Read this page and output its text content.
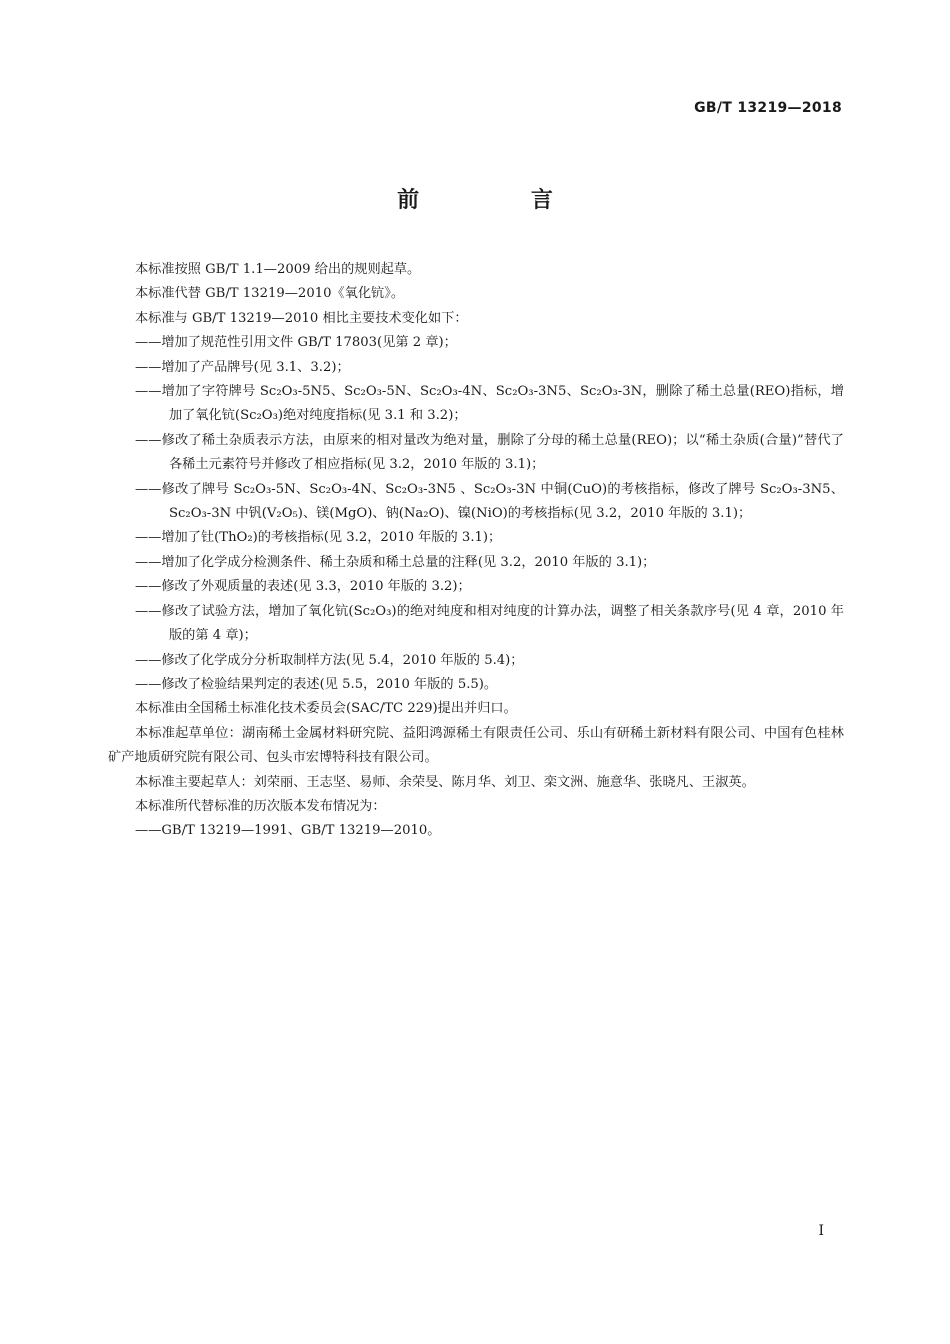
GB/T 13219—2018
前 言

本标准按照 GB/T 1.1—2009 给出的规则起草。

本标准代替 GB/T 13219—2010《氧化钪》。

本标准与 GB/T 13219—2010 相比主要技术变化如下：

——增加了规范性引用文件 GB/T 17803(见第 2 章)；

——增加了产品牌号(见 3.1、3.2)；

——增加了字符牌号 Sc₂O₃-5N5、Sc₂O₃-5N、Sc₂O₃-4N、Sc₂O₃-3N5、Sc₂O₃-3N，删除了稀土总量(REO)指标，增加了氧化钪(Sc₂O₃)绝对纯度指标(见 3.1 和 3.2)；

——修改了稀土杂质表示方法，由原来的相对量改为绝对量，删除了分母的稀土总量(REO)；以“稀土杂质(合量)”替代了各稀土元素符号并修改了相应指标(见 3.2，2010 年版的 3.1)；

——修改了牌号 Sc₂O₃-5N、Sc₂O₃-4N、Sc₂O₃-3N5 、Sc₂O₃-3N 中铜(CuO)的考核指标，修改了牌号 Sc₂O₃-3N5、Sc₂O₃-3N 中钒(V₂O₅)、镁(MgO)、钠(Na₂O)、镍(NiO)的考核指标(见 3.2，2010 年版的 3.1)；

——增加了钍(ThO₂)的考核指标(见 3.2，2010 年版的 3.1)；

——增加了化学成分检测条件、稀土杂质和稀土总量的注释(见 3.2，2010 年版的 3.1)；

——修改了外观质量的表述(见 3.3，2010 年版的 3.2)；

——修改了试验方法，增加了氧化钪(Sc₂O₃)的绝对纯度和相对纯度的计算办法，调整了相关条款序号(见 4 章，2010 年版的第 4 章)；

——修改了化学成分分析取制样方法(见 5.4，2010 年版的 5.4)；

——修改了检验结果判定的表述(见 5.5，2010 年版的 5.5)。

本标准由全国稀土标准化技术委员会(SAC/TC 229)提出并归口。

本标准起草单位：湖南稀土金属材料研究院、益阳鸿源稀土有限责任公司、乐山有研稀土新材料有限公司、中国有色桂林矿产地质研究院有限公司、包头市宏博特科技有限公司。

本标准主要起草人：刘荣丽、王志坚、易师、余荣旻、陈月华、刘卫、栾文洲、施意华、张晓凡、王淑英。

本标准所代替标准的历次版本发布情况为：

——GB/T 13219—1991、GB/T 13219—2010。

I
